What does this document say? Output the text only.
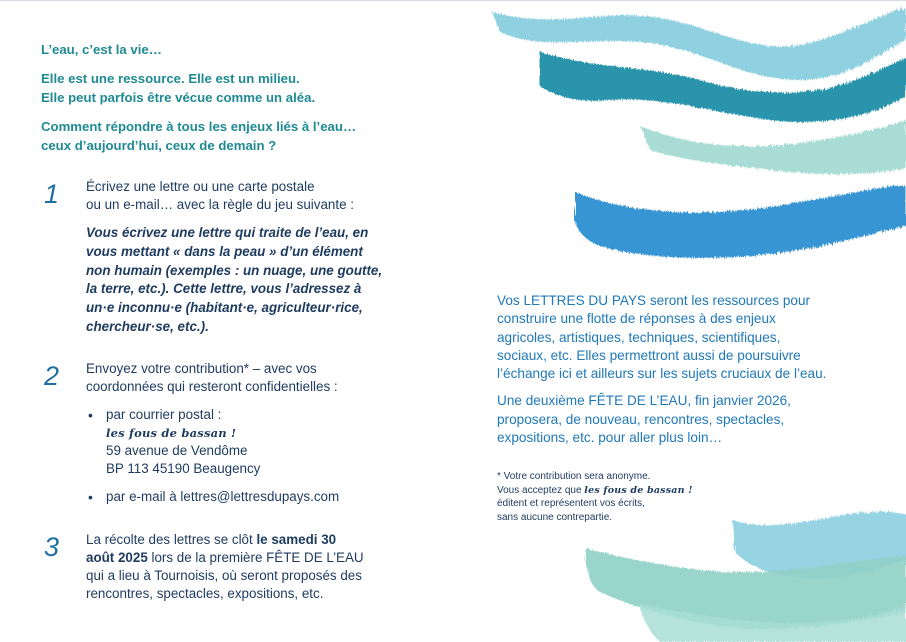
L’eau, c’est la vie…

Elle est une ressource. Elle est un milieu.

Elle peut parfois être vécue comme un aléa.

Comment répondre à tous les enjeux liés à l’eau…

ceux d’aujourd’hui, ceux de demain ?

1 Écrivez une lettre ou une carte postale

ou un e-mail… avec la règle du jeu suivante :

Vous écrivez une lettre qui traite de l’eau, en
vous mettant « dans la peau » d’un élément
non humain (exemples : un nuage, une goutte,
la terre, etc.). Cette lettre, vous l’adressez à
un·e inconnu·e (habitant·e, agriculteur·rice,
chercheur·se, etc.).
2 Envoyez votre contribution* – avec vos

coordonnées qui resteront confidentielles :

• par courrier postal :
les fous de bassan !
59 avenue de Vendôme
BP 113 45190 Beaugency
• par e-mail à lettres@lettresdupays.com
3 La récolte des lettres se clôt le samedi 30

août 2025 lors de la première FÊTE DE L’EAU

qui a lieu à Tournoisis, où seront proposés des

rencontres, spectacles, expositions, etc.

Vos LETTRES DU PAYS seront les ressources pour

construire une flotte de réponses à des enjeux

agricoles, artistiques, techniques, scientifiques,

sociaux, etc. Elles permettront aussi de poursuivre

l’échange ici et ailleurs sur les sujets cruciaux de l’eau.

Une deuxième FÊTE DE L’EAU, fin janvier 2026,

proposera, de nouveau, rencontres, spectacles,

expositions, etc. pour aller plus loin…

* Votre contribution sera anonyme.

Vous acceptez que les fous de bassan !

éditent et représentent vos écrits,

sans aucune contrepartie.
